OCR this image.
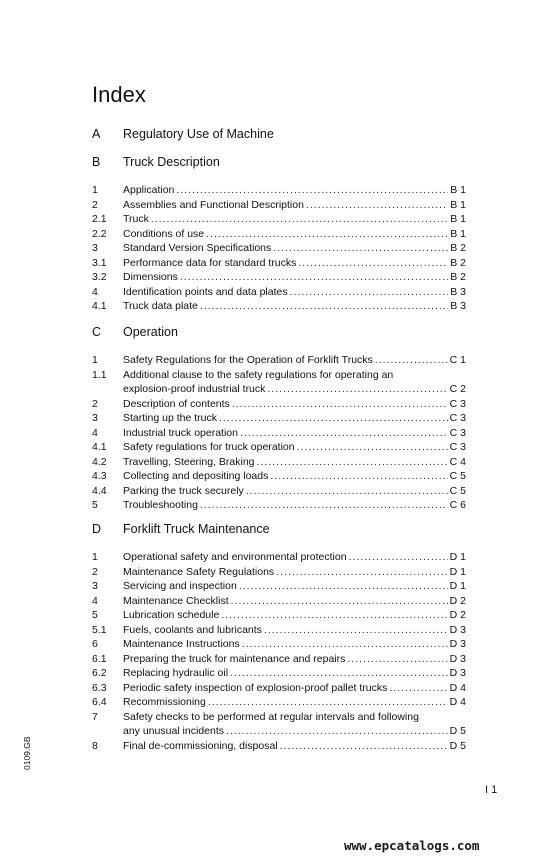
Index
A Regulatory Use of Machine
B Truck Description
1 Application .....	B 1
2 Assemblies and Functional Description .....	B 1
2.1 Truck .....	B 1
2.2 Conditions of use .....	B 1
3 Standard Version Specifications .....	B 2
3.1 Performance data for standard trucks .....	B 2
3.2 Dimensions .....	B 2
4 Identification points and data plates .....	B 3
4.1 Truck data plate .....	B 3
C Operation
1 Safety Regulations for the Operation of Forklift Trucks .....	C 1
1.1 Additional clause to the safety regulations for operating an
explosion-proof industrial truck .....	C 2
2 Description of contents .....	C 3
3 Starting up the truck .....	C 3
4 Industrial truck operation .....	C 3
4.1 Safety regulations for truck operation .....	C 3
4.2 Travelling, Steering, Braking .....	C 4
4.3 Collecting and depositing loads .....	C 5
4.4 Parking the truck securely .....	C 5
5 Troubleshooting .....	C 6
D Forklift Truck Maintenance
1 Operational safety and environmental protection .....	D 1
2 Maintenance Safety Regulations .....	D 1
3 Servicing and inspection .....	D 1
4 Maintenance Checklist .....	D 2
5 Lubrication schedule .....	D 2
5.1 Fuels, coolants and lubricants .....	D 3
6 Maintenance Instructions .....	D 3
6.1 Preparing the truck for maintenance and repairs .....	D 3
6.2 Replacing hydraulic oil .....	D 3
6.3 Periodic safety inspection of explosion-proof pallet trucks .....	D 4
6.4 Recommissioning .....	D 4
7 Safety checks to be performed at regular intervals and following
any unusual incidents .....	D 5
8 Final de-commissioning, disposal .....	D 5
0109.GB
I 1
www.epcatalogs.com
